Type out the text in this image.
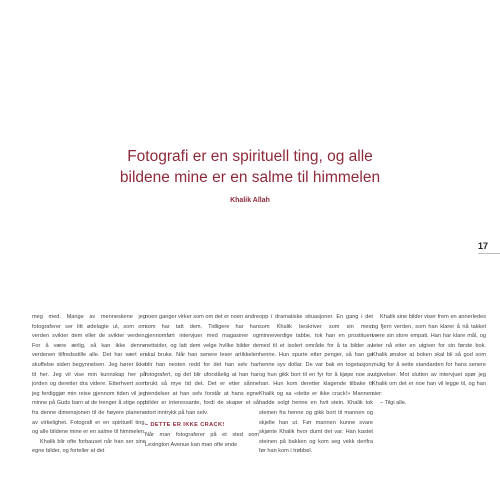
Fotografi er en spirituell ting, og alle
bildene mine er en salme til himmelen
Khalik Allah
17

meg med. Mange av menneskene jeg fotograferer ser litt ødelagte ut, som om verden svikter dem eller de svikter verden. For å være ærlig, så kan ikke denne verdenen tilfredsstille alle. Det har vært en skuffelse siden begynnelsen. Jeg hører ikke til her. Jeg vil vise min kunnskap her på jorden og deretter dra videre. Etterhvert som jeg ferdiggjør min reise gjennom tiden vil jeg minne på Guds barn at de trenger å stige opp fra denne dimensjonen til de høyere planene av virkelighet. Fotografi er en spirituell ting, og alle bildene mine er en salme til himmelen.

Khalik blir ofte forbauset når han ser sine egne bilder, og forteller at det

noen ganger virker som om det er noen andre som har tatt dem. Tidligere har han gjennomført intervjuer med magasiner og nettsider, og latt dem velge hvilke bilder de skal bruke. Når han senere leser artikkelen blir han nesten redd for det han selv har fotografert, og det blir uforståelig at han har brukt så mye tid det. Det er etter sånne hendelser at han selv forstår at hans egne bilder er interessante, fordi de skaper et så stort inntrykk på han selv.

– DETTE ER IKKE CRACK!

Når man fotograferer på et sted som Lexington Avenue kan man ofte ende

opp i dramatiske situasjoner. En gang i det som Khalik beskriver som sin mest minneverdige tabbe, tok han en prostituert med til et isolert område for å ta bilder av henne. Hun spurte etter penger, så han ga henne syv dollar. De var bak en togstasjon, og hun gikk bort til en fyr for å kjøpe noe av han. Hun kom deretter klagende tilbake til Khalik og sa «dette er ikke crack!» Mannen hadde solgt henne en hvit stein. Khalik tok steinen fra henne og gikk bort til mannen og skjelte han ut. Før mannen kunne svare skjønte Khalik hvor dumt det var. Han kastet steinen på bakken og kom seg vekk derifra før han kom i trøbbel.

Khalik sine bilder viser frem en annerledes og fjern verden, som han klarer å nå takket være sin store empati. Han har klare mål, og leter nå etter en utgiver for sin første bok. Khalik ønsker at boken skal bli så god som mulig for å sette standarden for hans senere utgivelser. Mot slutten av intervjuet spør jeg Khalik om det er noe han vil legge til, og han sier:

– Tilgi alle.
